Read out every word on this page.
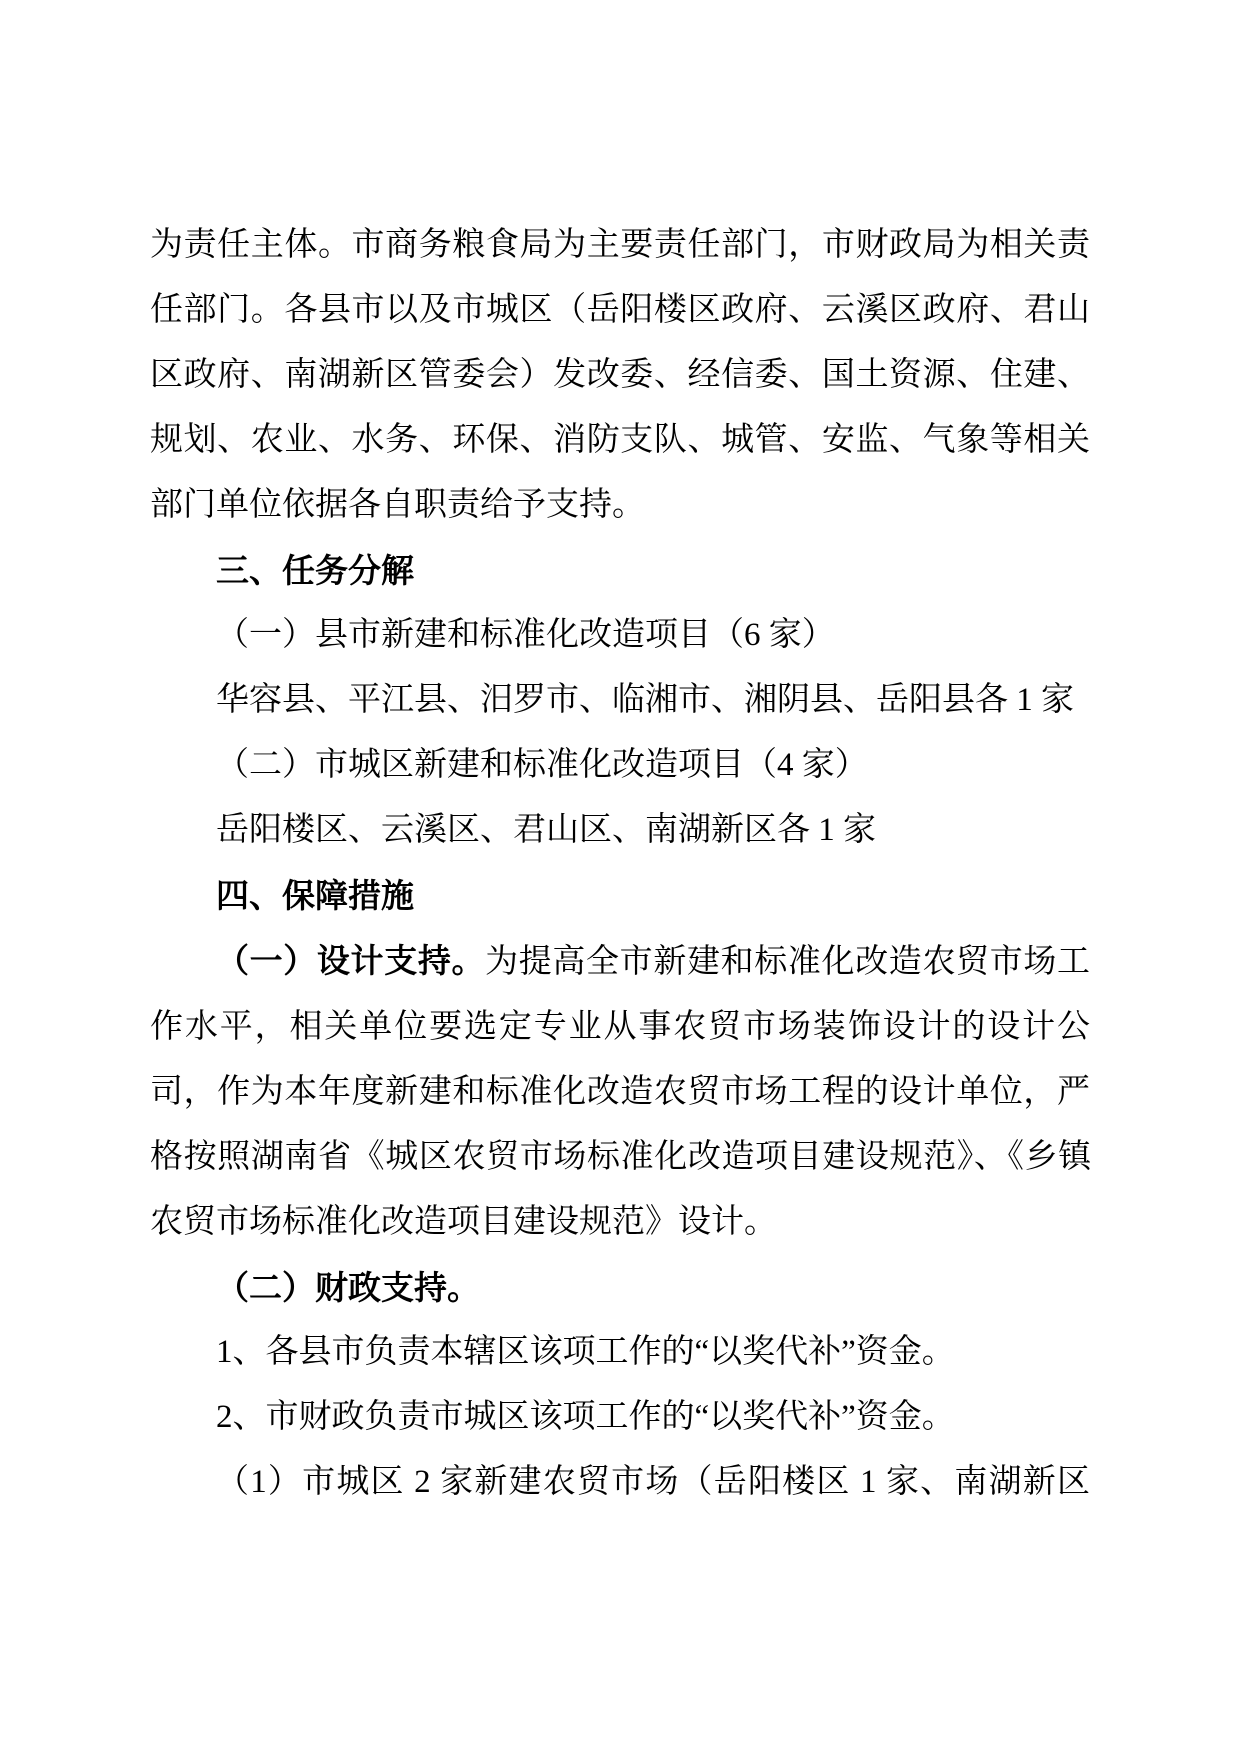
为责任主体。市商务粮食局为主要责任部门，市财政局为相关责
任部门。各县市以及市城区（岳阳楼区政府、云溪区政府、君山
区政府、南湖新区管委会）发改委、经信委、国土资源、住建、
规划、农业、水务、环保、消防支队、城管、安监、气象等相关
部门单位依据各自职责给予支持。
三、任务分解
（一）县市新建和标准化改造项目（6 家）
华容县、平江县、汨罗市、临湘市、湘阴县、岳阳县各 1 家
（二）市城区新建和标准化改造项目（4 家）
岳阳楼区、云溪区、君山区、南湖新区各 1 家
四、保障措施
（一）设计支持。为提高全市新建和标准化改造农贸市场工
作水平，相关单位要选定专业从事农贸市场装饰设计的设计公
司，作为本年度新建和标准化改造农贸市场工程的设计单位，严
格按照湖南省《城区农贸市场标准化改造项目建设规范》、《乡镇
农贸市场标准化改造项目建设规范》设计。
（二）财政支持。
1、各县市负责本辖区该项工作的“以奖代补”资金。
2、市财政负责市城区该项工作的“以奖代补”资金。
（1）市城区 2 家新建农贸市场（岳阳楼区 1 家、南湖新区
